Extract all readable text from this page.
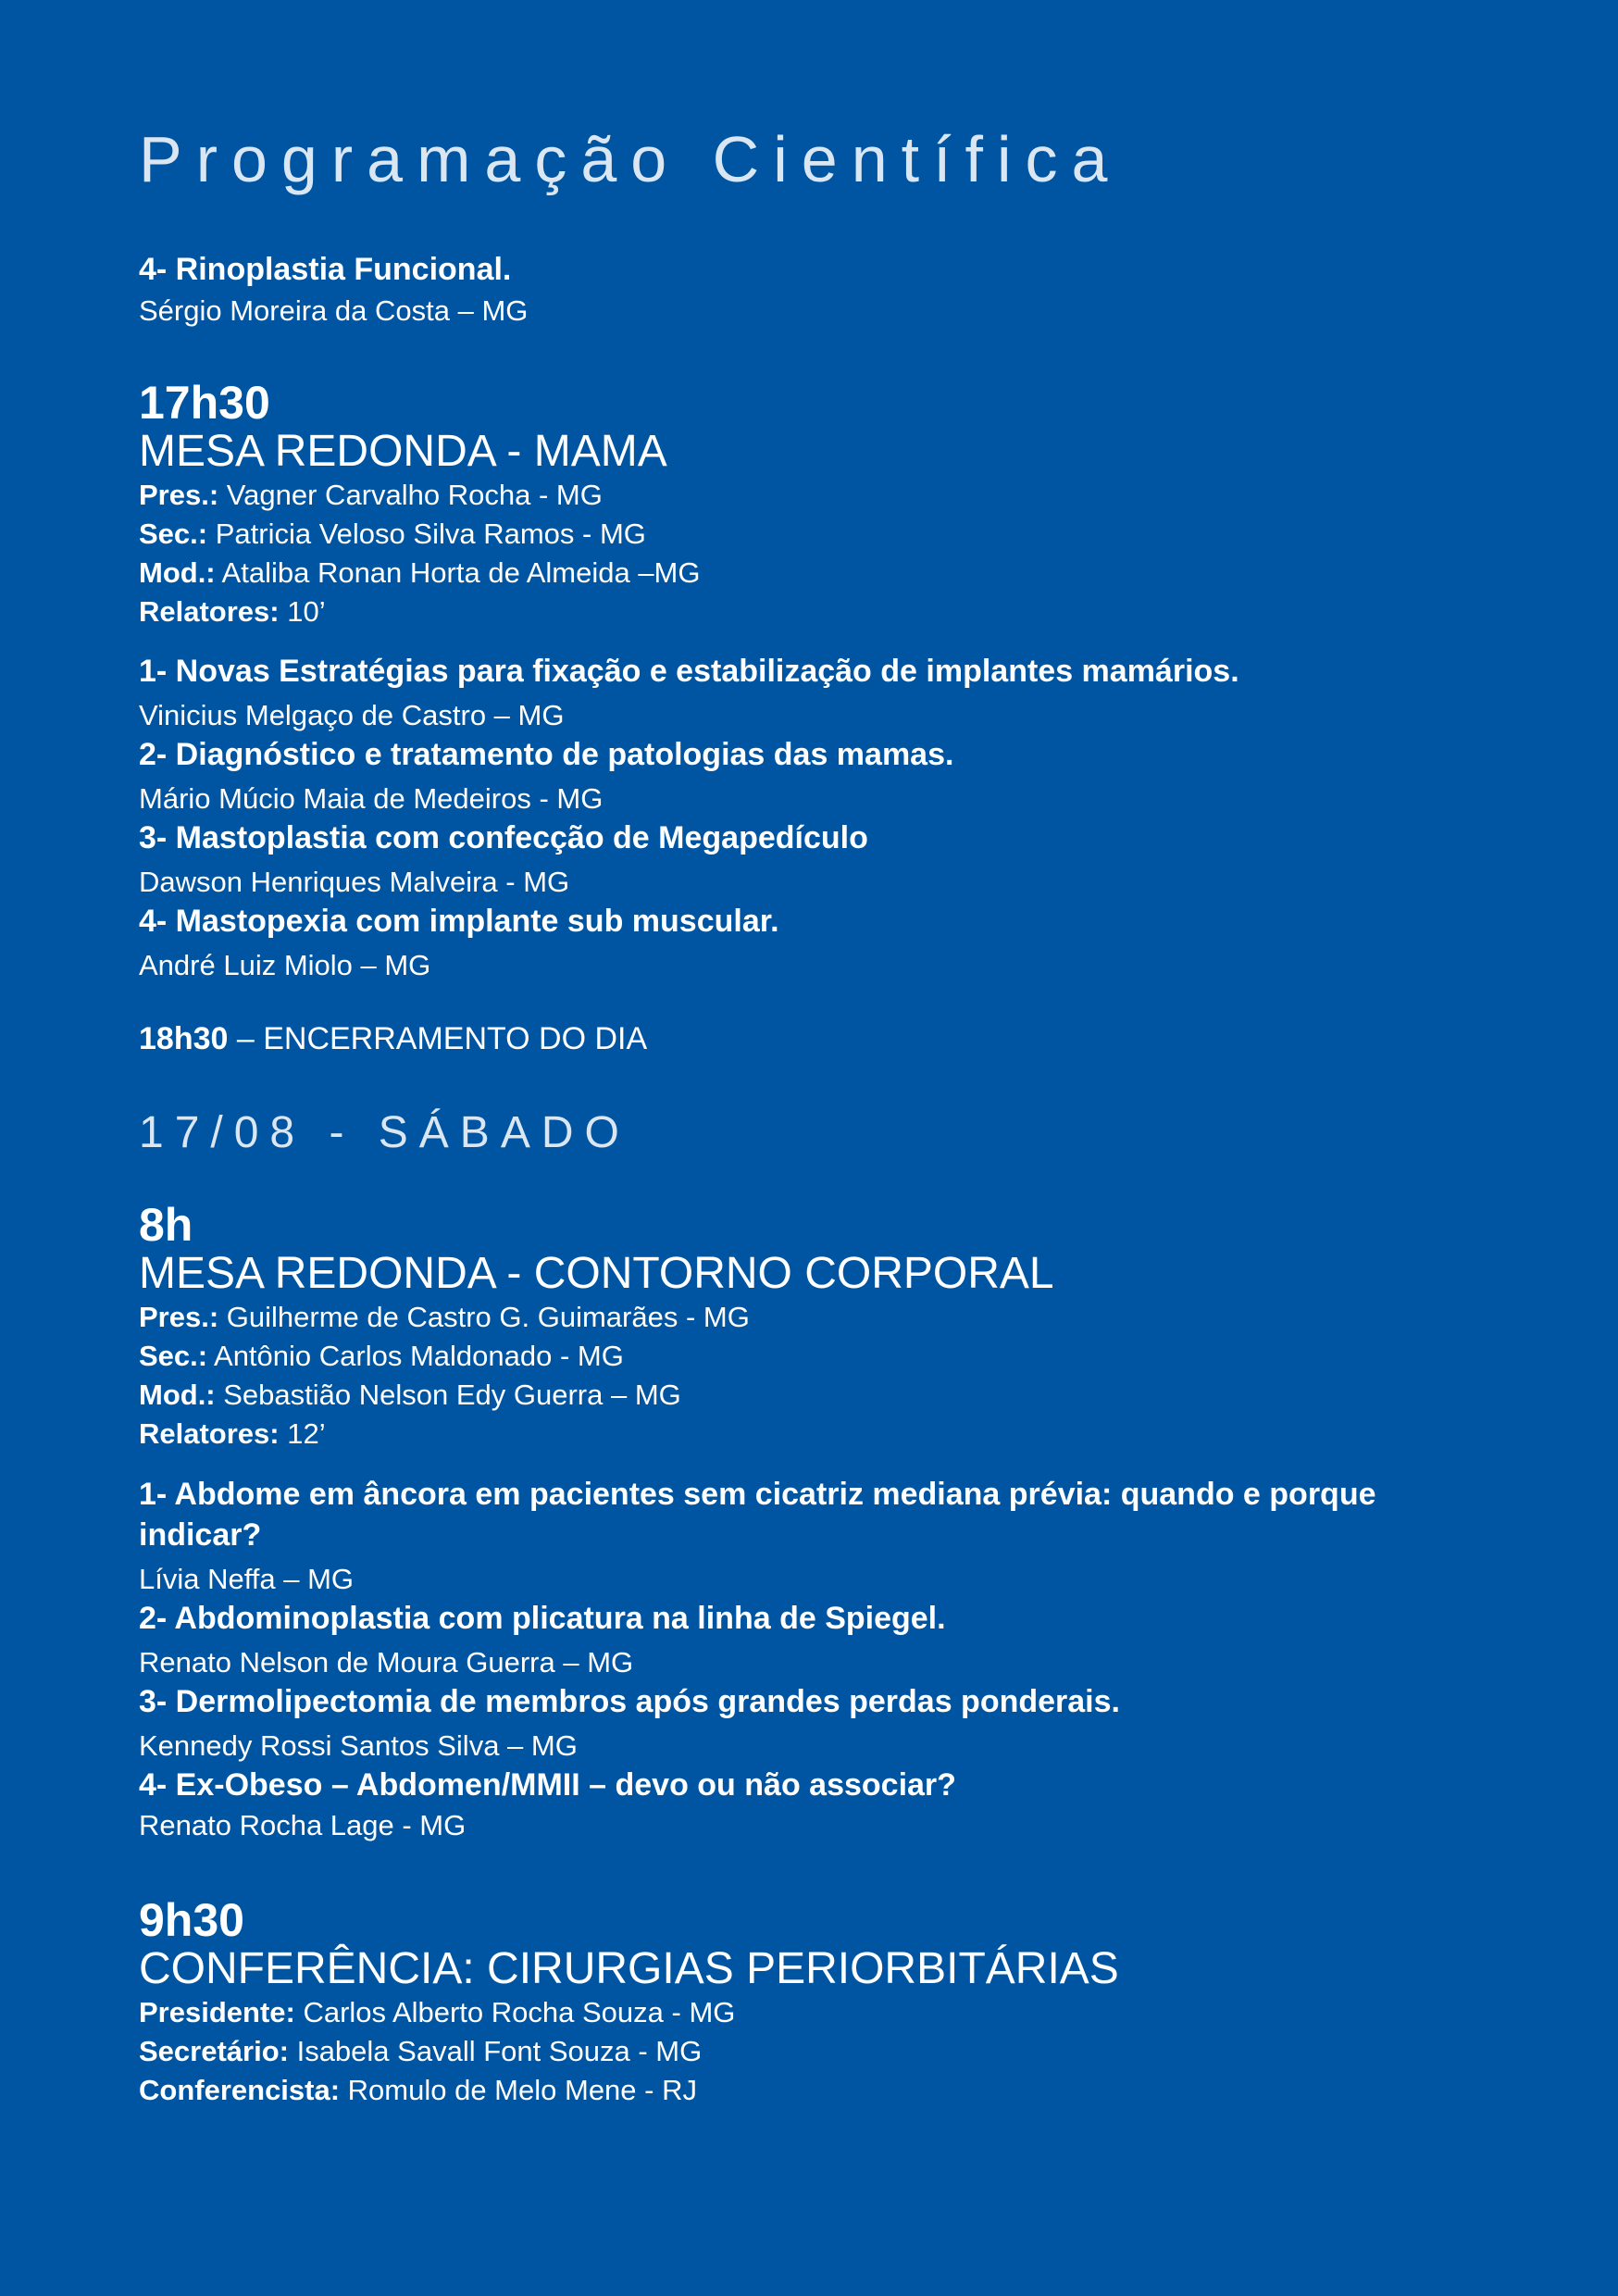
Programação Científica
4- Rinoplastia Funcional.
Sérgio Moreira da Costa – MG
17h30
MESA REDONDA - MAMA
Pres.: Vagner Carvalho Rocha - MG
Sec.: Patricia Veloso Silva Ramos - MG
Mod.: Ataliba Ronan Horta de Almeida –MG
Relatores: 10’
1- Novas Estratégias para fixação e estabilização de implantes mamários.
Vinicius Melgaço de Castro – MG
2- Diagnóstico e tratamento de patologias das mamas.
Mário Múcio Maia de Medeiros - MG
3- Mastoplastia com confecção de Megapedículo
Dawson Henriques Malveira - MG
4- Mastopexia com implante sub muscular.
André Luiz Miolo – MG
18h30 – ENCERRAMENTO DO DIA
17/08 - SÁBADO
8h
MESA REDONDA - CONTORNO CORPORAL
Pres.: Guilherme de Castro G. Guimarães - MG
Sec.: Antônio Carlos Maldonado - MG
Mod.: Sebastião Nelson Edy Guerra – MG
Relatores: 12’
1- Abdome em âncora em pacientes sem cicatriz mediana prévia: quando e porque indicar?
Lívia Neffa – MG
2- Abdominoplastia com plicatura na linha de Spiegel.
Renato Nelson de Moura Guerra – MG
3- Dermolipectomia de membros após grandes perdas ponderais.
Kennedy Rossi Santos Silva – MG
4- Ex-Obeso – Abdomen/MMII – devo ou não associar?
Renato Rocha Lage - MG
9h30
CONFERÊNCIA: CIRURGIAS PERIORBITÁRIAS
Presidente: Carlos Alberto Rocha Souza - MG
Secretário: Isabela Savall Font Souza - MG
Conferencista: Romulo de Melo Mene - RJ
